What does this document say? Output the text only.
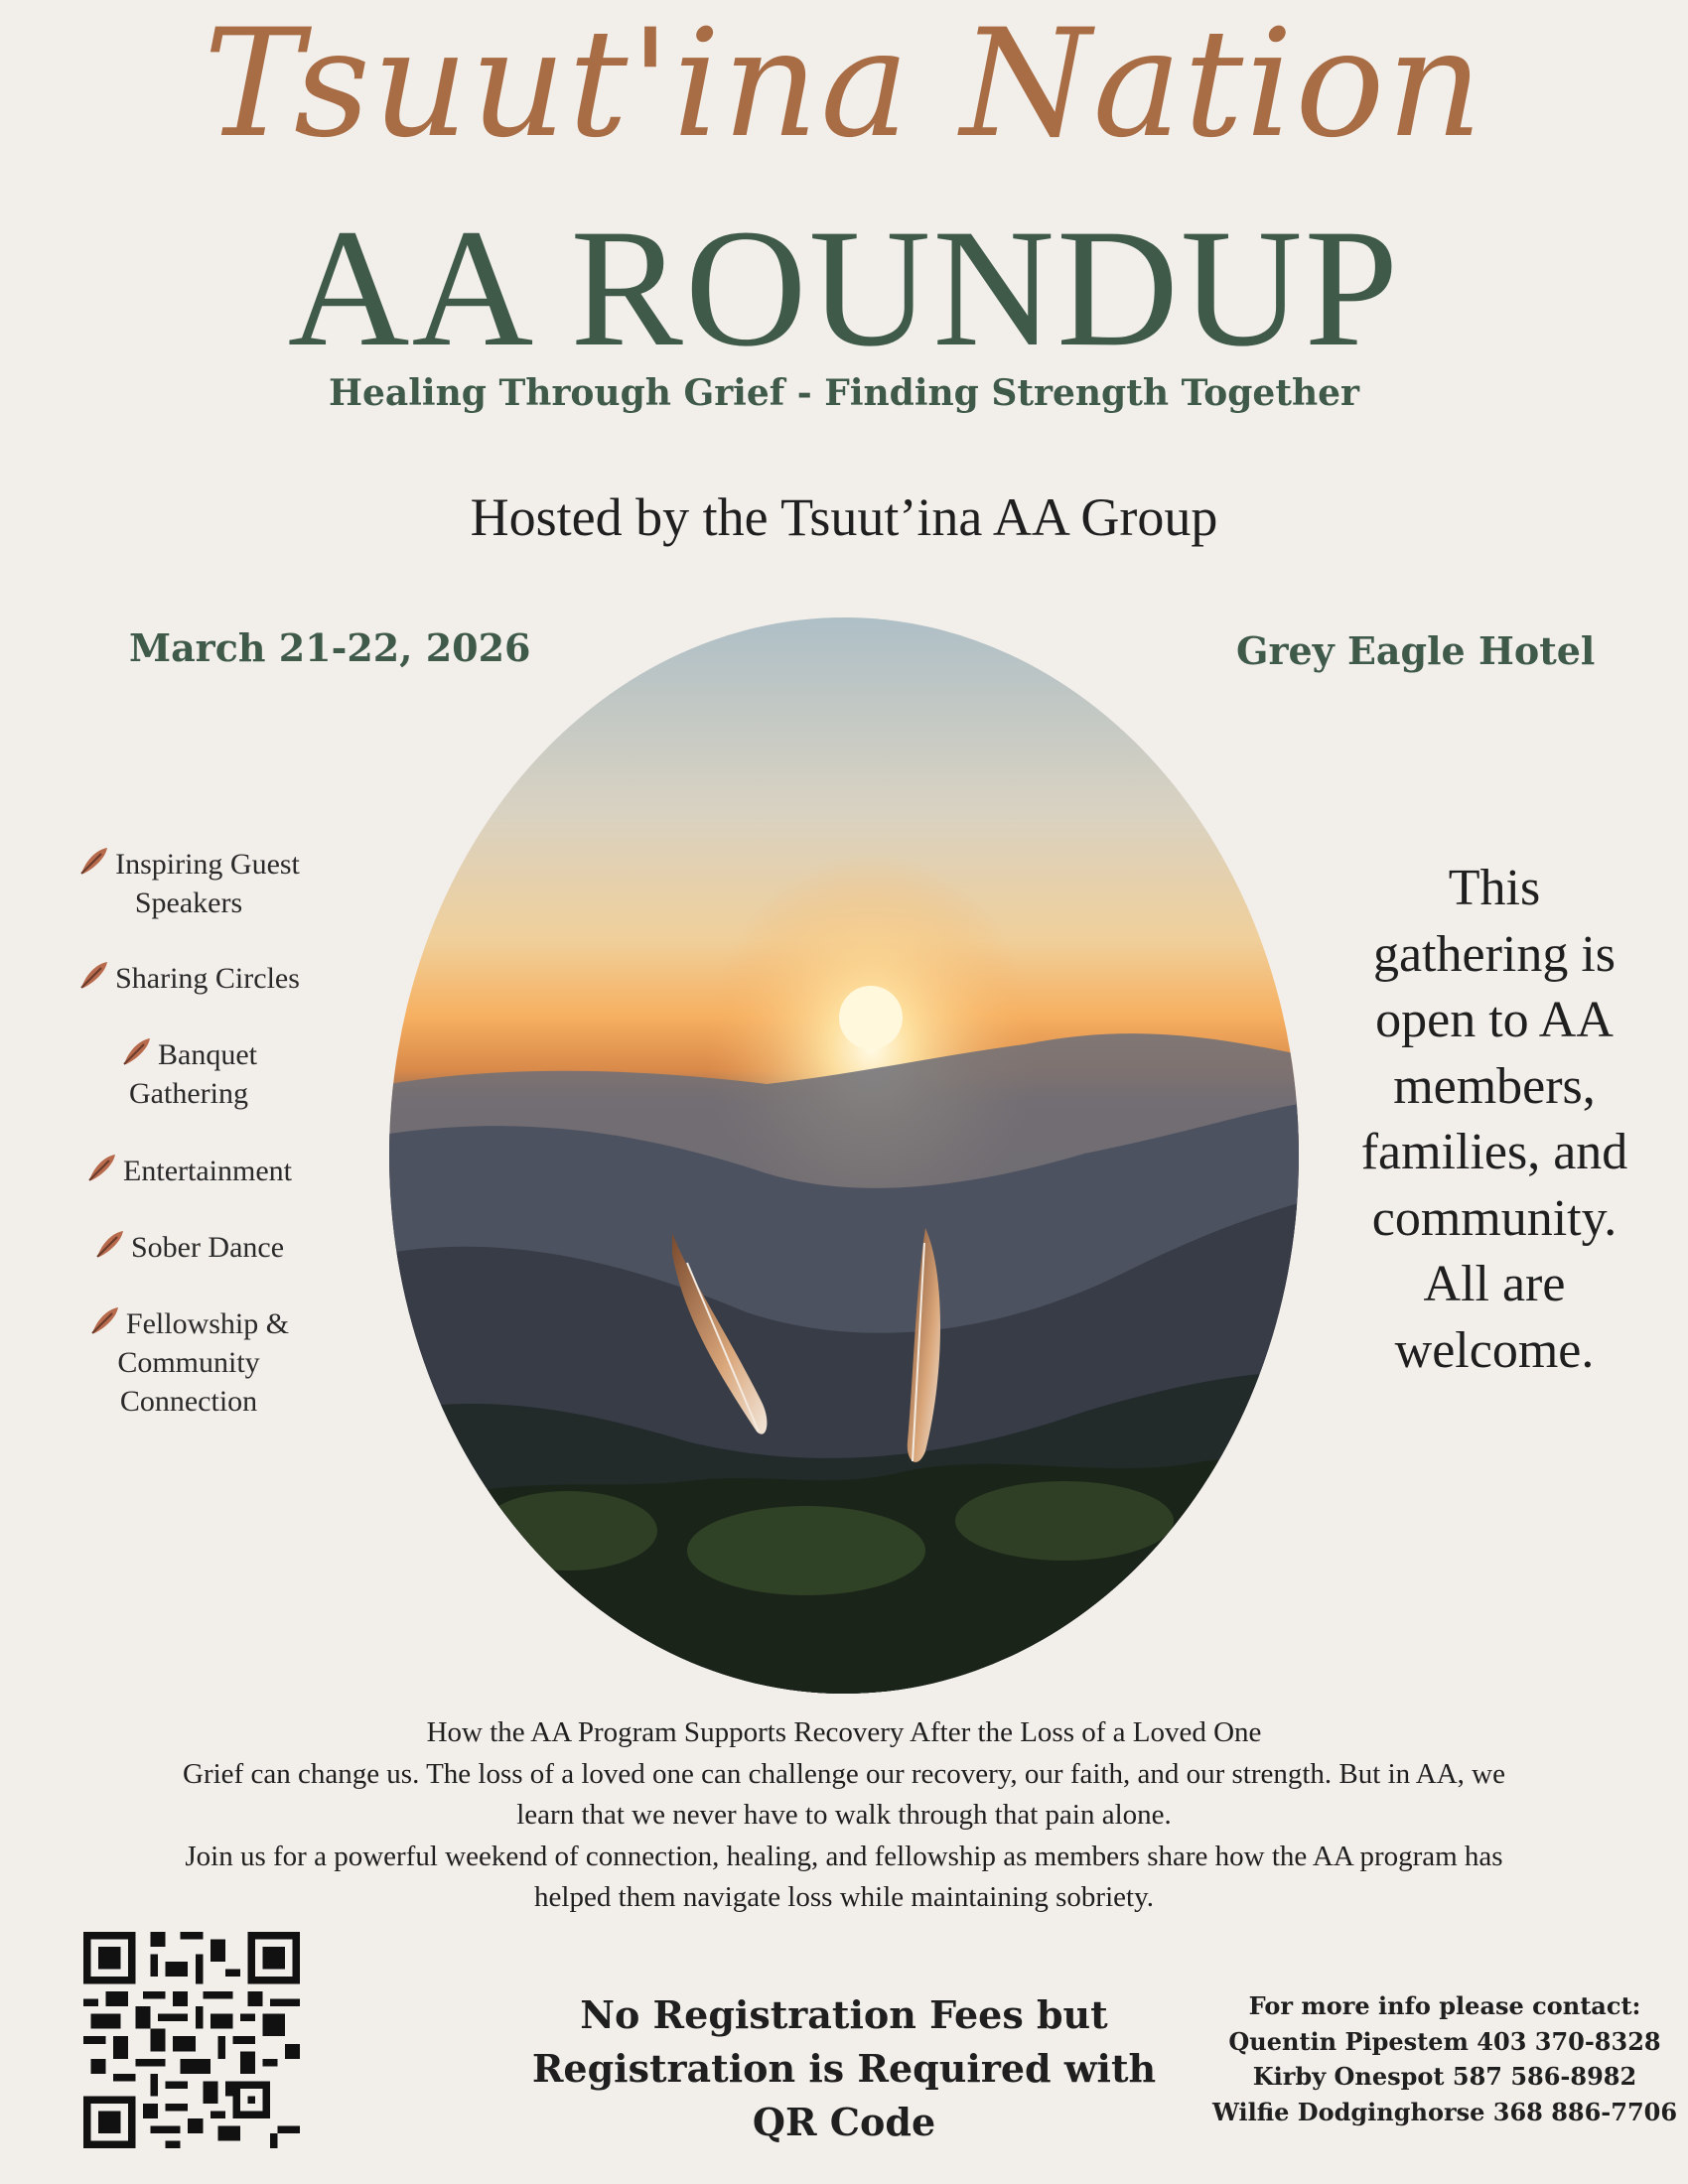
Tsuut'ina Nation
AA ROUNDUP
Healing Through Grief - Finding Strength Together
Hosted by the Tsuut’ina AA Group
March 21-22, 2026	Grey Eagle Hotel
Inspiring Guest
Speakers
Sharing Circles
Banquet
Gathering
Entertainment
Sober Dance
Fellowship &
Community
Connection
This
gathering is
open to AA
members,
families, and
community.
All are
welcome.
How the AA Program Supports Recovery After the Loss of a Loved One
Grief can change us. The loss of a loved one can challenge our recovery, our faith, and our strength. But in AA, we
learn that we never have to walk through that pain alone.
Join us for a powerful weekend of connection, healing, and fellowship as members share how the AA program has
helped them navigate loss while maintaining sobriety.
No Registration Fees but
Registration is Required with
QR Code
For more info please contact:
Quentin Pipestem 403 370-8328
Kirby Onespot 587 586-8982
Wilfie Dodginghorse 368 886-7706
